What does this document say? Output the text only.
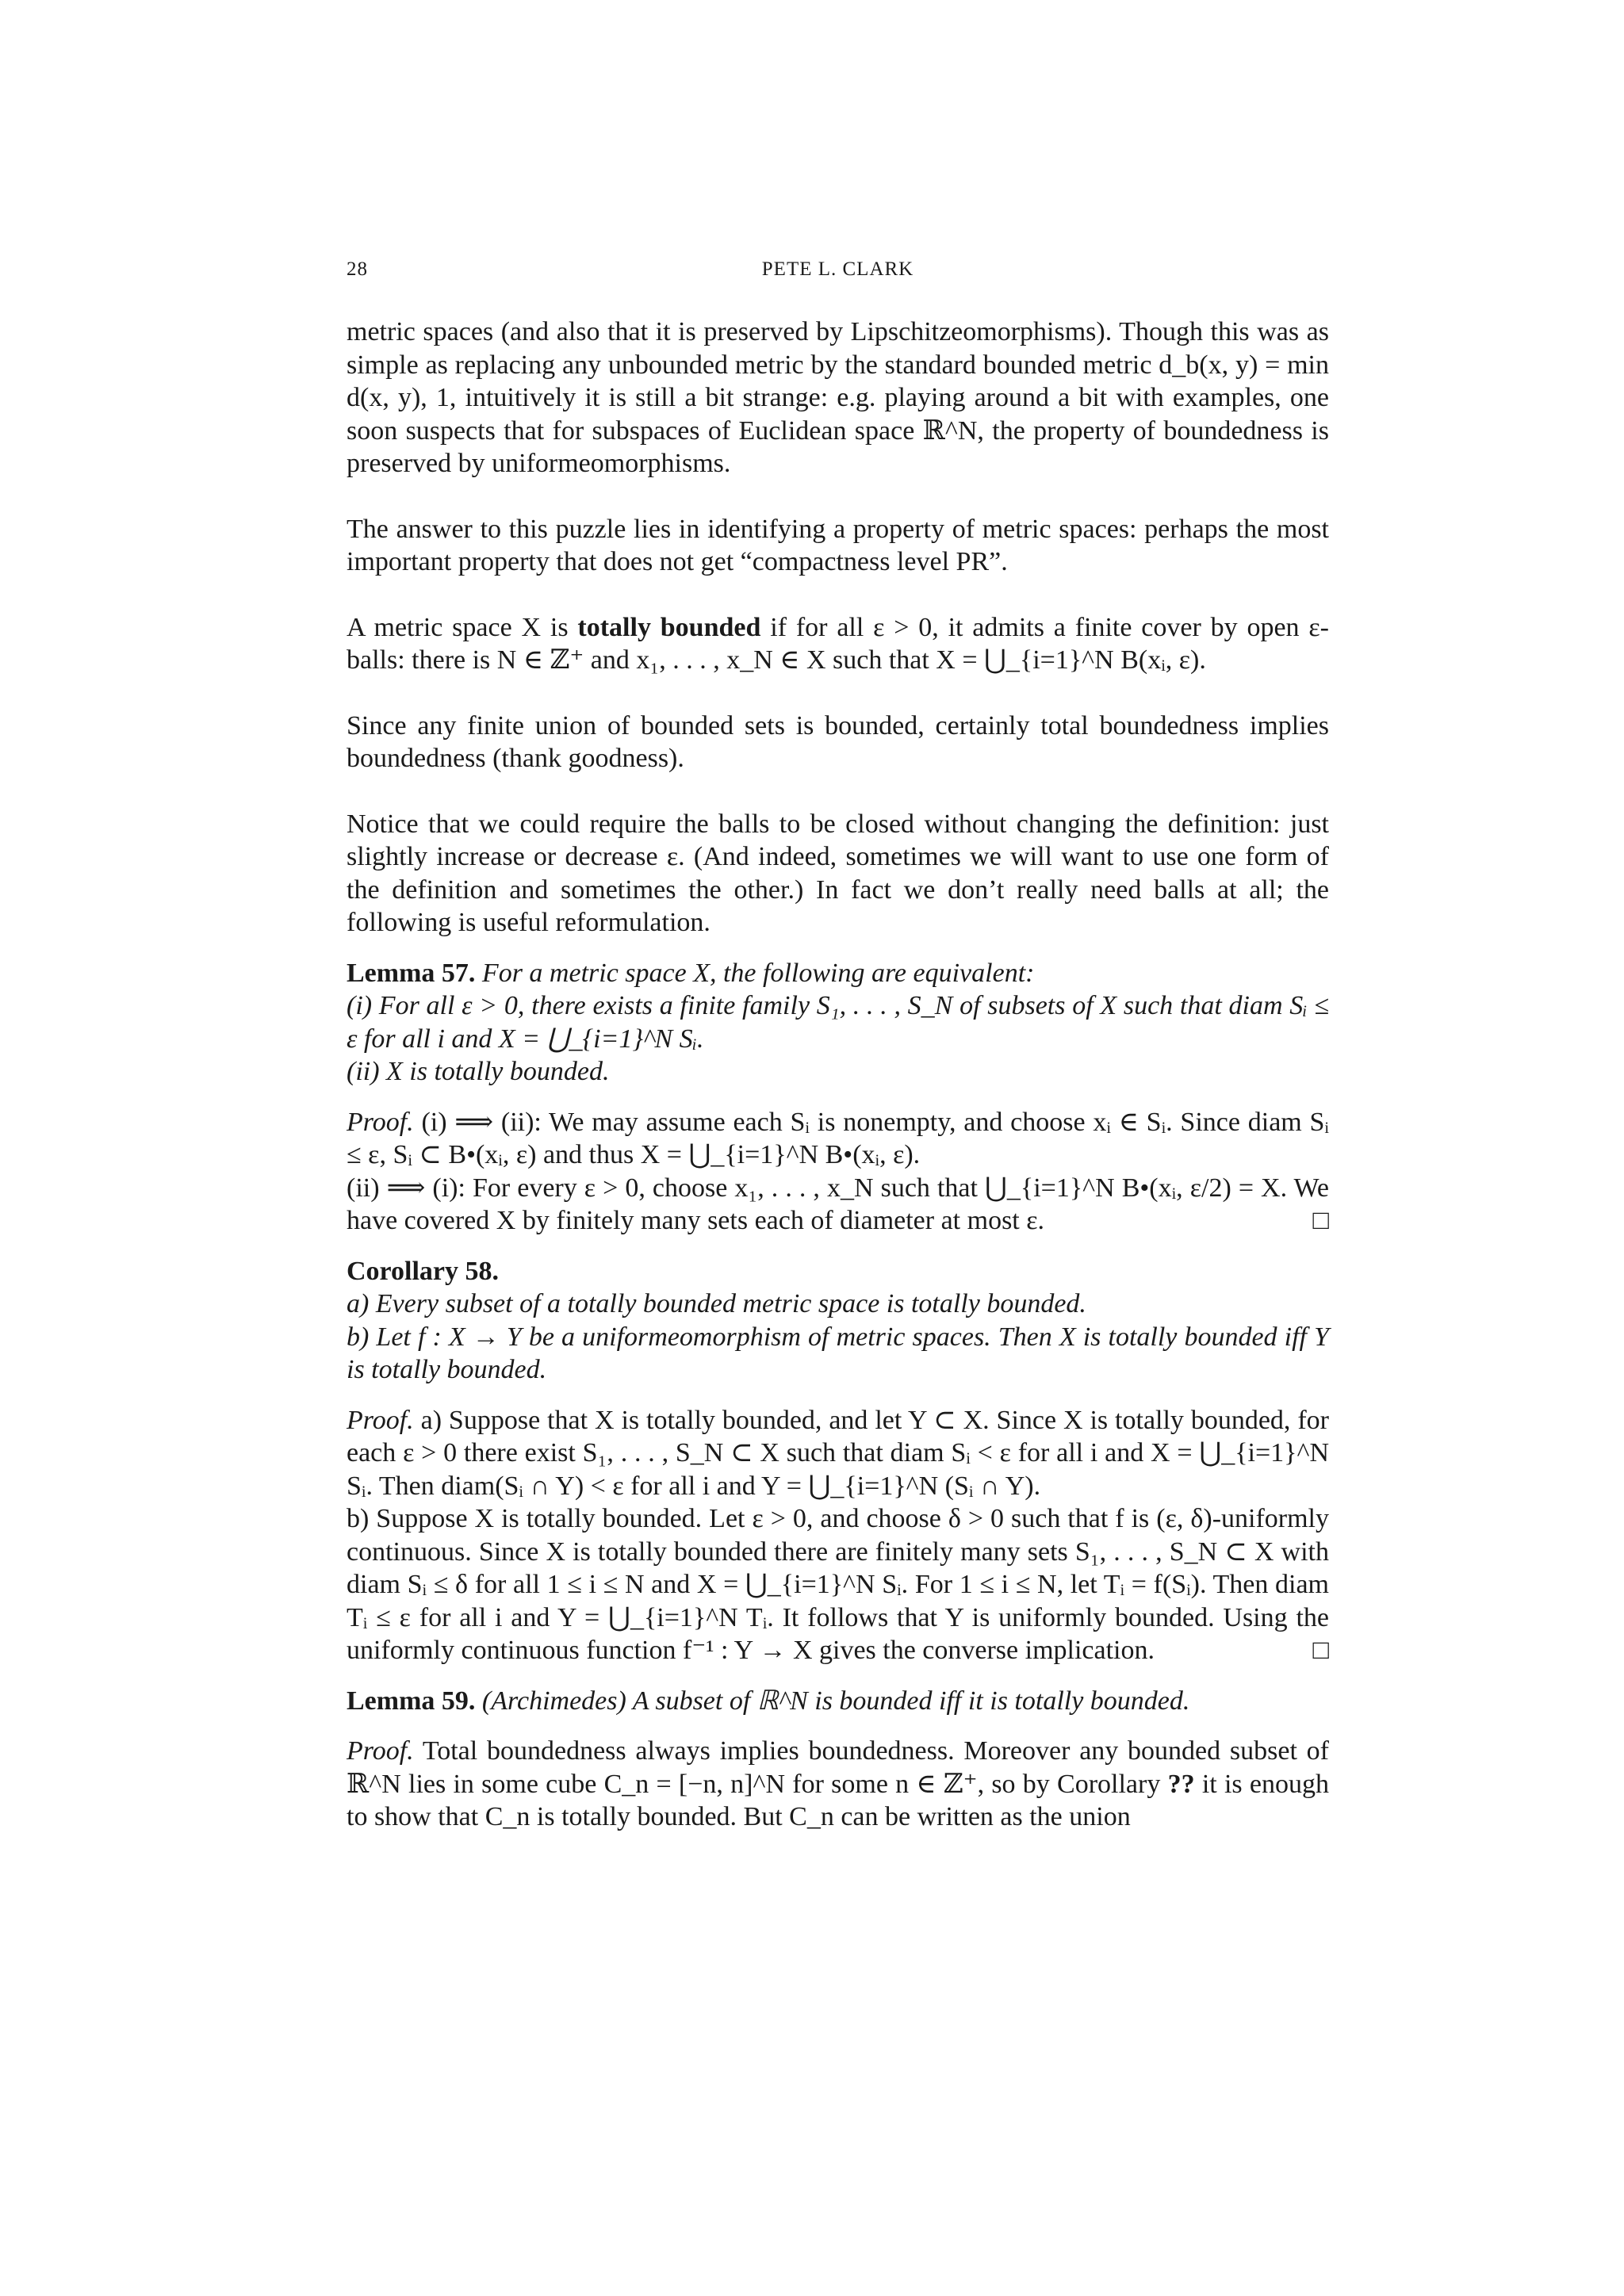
28	PETE L. CLARK

metric spaces (and also that it is preserved by Lipschitzeomorphisms). Though this was as simple as replacing any unbounded metric by the standard bounded metric d_b(x, y) = min d(x, y), 1, intuitively it is still a bit strange: e.g. playing around a bit with examples, one soon suspects that for subspaces of Euclidean space ℝ^N, the property of boundedness is preserved by uniformeomorphisms.

The answer to this puzzle lies in identifying a property of metric spaces: perhaps the most important property that does not get “compactness level PR”.

A metric space X is totally bounded if for all ε > 0, it admits a finite cover by open ε-balls: there is N ∈ ℤ⁺ and x₁, . . . , x_N ∈ X such that X = ⋃_{i=1}^N B(xᵢ, ε).

Since any finite union of bounded sets is bounded, certainly total boundedness implies boundedness (thank goodness).

Notice that we could require the balls to be closed without changing the definition: just slightly increase or decrease ε. (And indeed, sometimes we will want to use one form of the definition and sometimes the other.) In fact we don’t really need balls at all; the following is useful reformulation.

Lemma 57. For a metric space X, the following are equivalent:
(i) For all ε > 0, there exists a finite family S₁, . . . , S_N of subsets of X such that diam Sᵢ ≤ ε for all i and X = ⋃_{i=1}^N Sᵢ.
(ii) X is totally bounded.

Proof. (i) ⟹ (ii): We may assume each Sᵢ is nonempty, and choose xᵢ ∈ Sᵢ. Since diam Sᵢ ≤ ε, Sᵢ ⊂ B•(xᵢ, ε) and thus X = ⋃_{i=1}^N B•(xᵢ, ε).
(ii) ⟹ (i): For every ε > 0, choose x₁, . . . , x_N such that ⋃_{i=1}^N B•(xᵢ, ε/2) = X. We have covered X by finitely many sets each of diameter at most ε.	□

Corollary 58.
a) Every subset of a totally bounded metric space is totally bounded.
b) Let f : X → Y be a uniformeomorphism of metric spaces. Then X is totally bounded iff Y is totally bounded.

Proof. a) Suppose that X is totally bounded, and let Y ⊂ X. Since X is totally bounded, for each ε > 0 there exist S₁, . . . , S_N ⊂ X such that diam Sᵢ < ε for all i and X = ⋃_{i=1}^N Sᵢ. Then diam(Sᵢ ∩ Y) < ε for all i and Y = ⋃_{i=1}^N (Sᵢ ∩ Y).
b) Suppose X is totally bounded. Let ε > 0, and choose δ > 0 such that f is (ε, δ)-uniformly continuous. Since X is totally bounded there are finitely many sets S₁, . . . , S_N ⊂ X with diam Sᵢ ≤ δ for all 1 ≤ i ≤ N and X = ⋃_{i=1}^N Sᵢ. For 1 ≤ i ≤ N, let Tᵢ = f(Sᵢ). Then diam Tᵢ ≤ ε for all i and Y = ⋃_{i=1}^N Tᵢ. It follows that Y is uniformly bounded. Using the uniformly continuous function f⁻¹ : Y → X gives the converse implication.	□

Lemma 59. (Archimedes) A subset of ℝ^N is bounded iff it is totally bounded.

Proof. Total boundedness always implies boundedness. Moreover any bounded subset of ℝ^N lies in some cube C_n = [−n, n]^N for some n ∈ ℤ⁺, so by Corollary ?? it is enough to show that C_n is totally bounded. But C_n can be written as the union
